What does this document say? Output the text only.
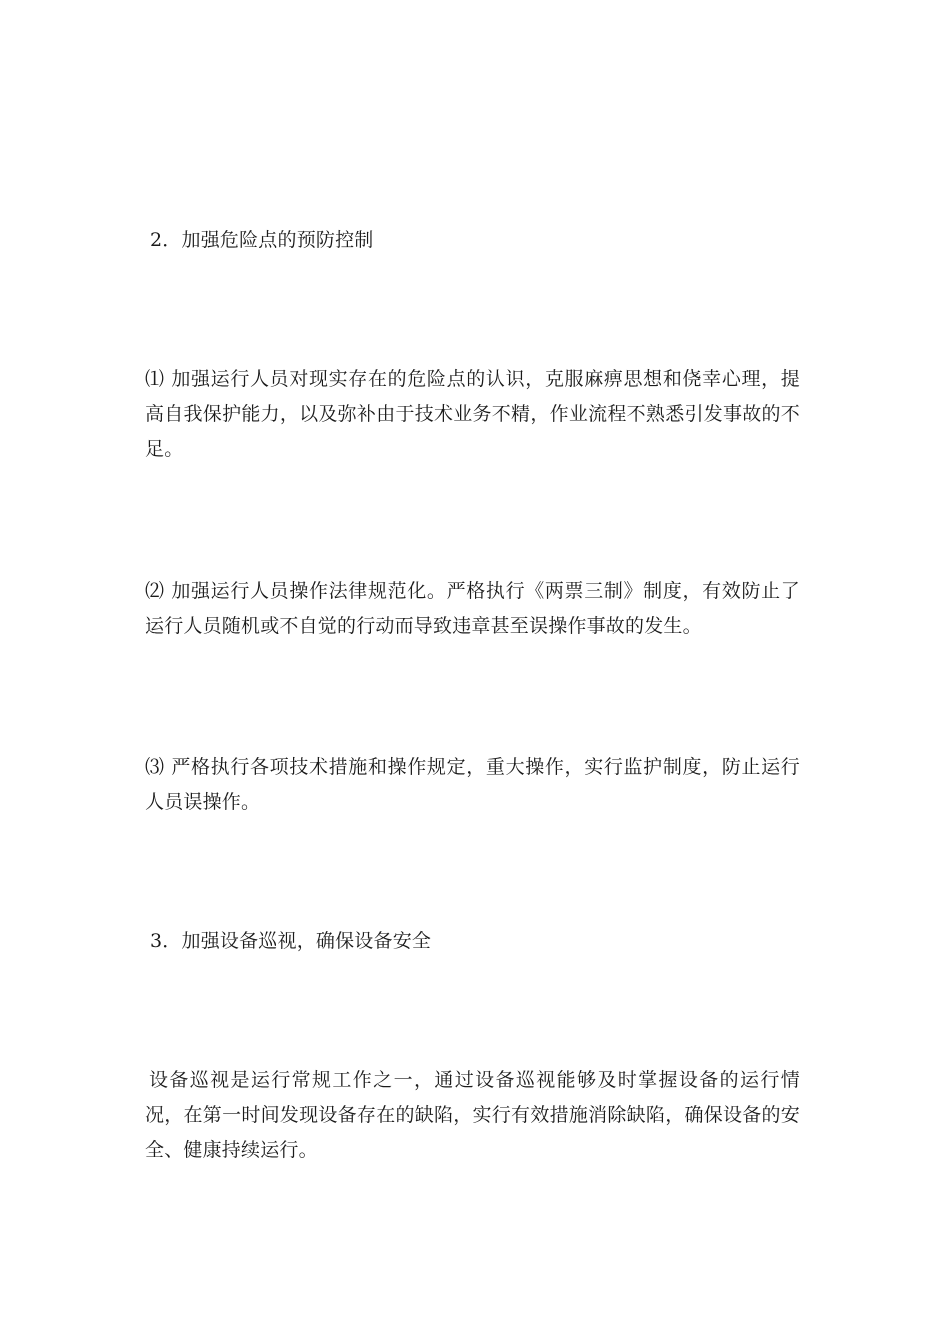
2．加强危险点的预防控制
⑴ 加强运行人员对现实存在的危险点的认识，克服麻痹思想和侥幸心理，提高自我保护能力，以及弥补由于技术业务不精，作业流程不熟悉引发事故的不足。
⑵ 加强运行人员操作法律规范化。严格执行《两票三制》制度，有效防止了运行人员随机或不自觉的行动而导致违章甚至误操作事故的发生。
⑶ 严格执行各项技术措施和操作规定，重大操作，实行监护制度，防止运行人员误操作。
3．加强设备巡视，确保设备安全
设备巡视是运行常规工作之一，通过设备巡视能够及时掌握设备的运行情况，在第一时间发现设备存在的缺陷，实行有效措施消除缺陷，确保设备的安全、健康持续运行。
